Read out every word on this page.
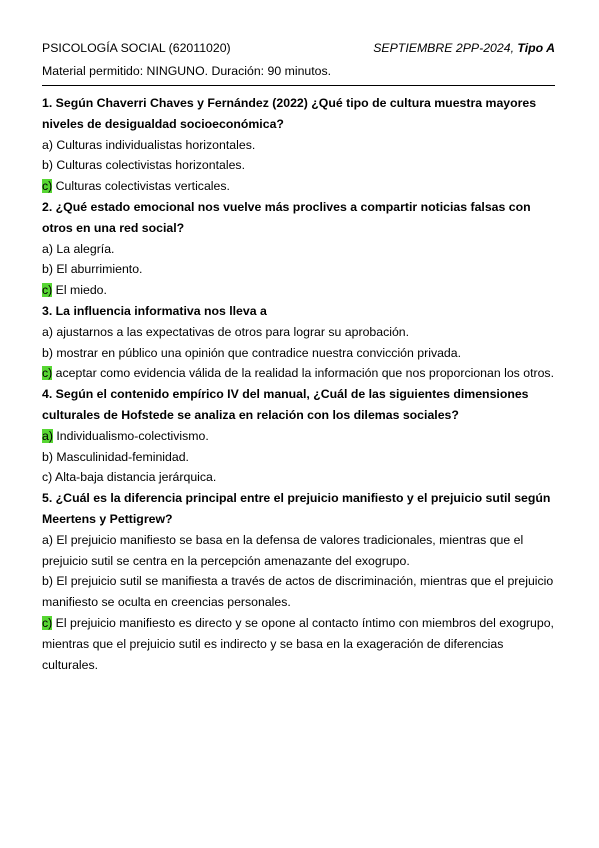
PSICOLOGÍA SOCIAL (62011020)	SEPTIEMBRE 2PP-2024, Tipo A
Material permitido: NINGUNO. Duración: 90 minutos.
1. Según Chaverri Chaves y Fernández (2022) ¿Qué tipo de cultura muestra mayores niveles de desigualdad socioeconómica?
a) Culturas individualistas horizontales.
b) Culturas colectivistas horizontales.
c) Culturas colectivistas verticales.
2. ¿Qué estado emocional nos vuelve más proclives a compartir noticias falsas con otros en una red social?
a) La alegría.
b) El aburrimiento.
c) El miedo.
3. La influencia informativa nos lleva a
a) ajustarnos a las expectativas de otros para lograr su aprobación.
b) mostrar en público una opinión que contradice nuestra convicción privada.
c) aceptar como evidencia válida de la realidad la información que nos proporcionan los otros.
4. Según el contenido empírico IV del manual, ¿Cuál de las siguientes dimensiones culturales de Hofstede se analiza en relación con los dilemas sociales?
a) Individualismo-colectivismo.
b) Masculinidad-feminidad.
c) Alta-baja distancia jerárquica.
5. ¿Cuál es la diferencia principal entre el prejuicio manifiesto y el prejuicio sutil según Meertens y Pettigrew?
a) El prejuicio manifiesto se basa en la defensa de valores tradicionales, mientras que el prejuicio sutil se centra en la percepción amenazante del exogrupo.
b) El prejuicio sutil se manifiesta a través de actos de discriminación, mientras que el prejuicio manifiesto se oculta en creencias personales.
c) El prejuicio manifiesto es directo y se opone al contacto íntimo con miembros del exogrupo, mientras que el prejuicio sutil es indirecto y se basa en la exageración de diferencias culturales.
